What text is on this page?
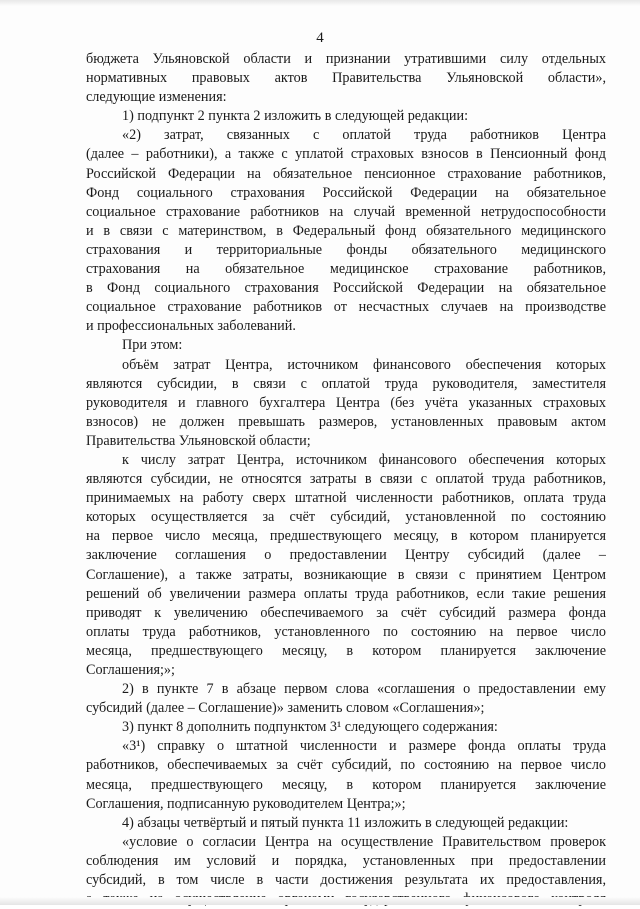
4
бюджета Ульяновской области и признании утратившими силу отдельных
нормативных правовых актов Правительства Ульяновской области»,
следующие изменения:
1) подпункт 2 пункта 2 изложить в следующей редакции:
«2) затрат, связанных с оплатой труда работников Центра
(далее – работники), а также с уплатой страховых взносов в Пенсионный фонд
Российской Федерации на обязательное пенсионное страхование работников,
Фонд социального страхования Российской Федерации на обязательное
социальное страхование работников на случай временной нетрудоспособности
и в связи с материнством, в Федеральный фонд обязательного медицинского
страхования и территориальные фонды обязательного медицинского
страхования на обязательное медицинское страхование работников,
в Фонд социального страхования Российской Федерации на обязательное
социальное страхование работников от несчастных случаев на производстве
и профессиональных заболеваний.
При этом:
объём затрат Центра, источником финансового обеспечения которых
являются субсидии, в связи с оплатой труда руководителя, заместителя
руководителя и главного бухгалтера Центра (без учёта указанных страховых
взносов) не должен превышать размеров, установленных правовым актом
Правительства Ульяновской области;
к числу затрат Центра, источником финансового обеспечения которых
являются субсидии, не относятся затраты в связи с оплатой труда работников,
принимаемых на работу сверх штатной численности работников, оплата труда
которых осуществляется за счёт субсидий, установленной по состоянию
на первое число месяца, предшествующего месяцу, в котором планируется
заключение соглашения о предоставлении Центру субсидий (далее –
Соглашение), а также затраты, возникающие в связи с принятием Центром
решений об увеличении размера оплаты труда работников, если такие решения
приводят к увеличению обеспечиваемого за счёт субсидий размера фонда
оплаты труда работников, установленного по состоянию на первое число
месяца, предшествующего месяцу, в котором планируется заключение
Соглашения;»;
2) в пункте 7 в абзаце первом слова «соглашения о предоставлении ему
субсидий (далее – Соглашение)» заменить словом «Соглашения»;
3) пункт 8 дополнить подпунктом 3¹ следующего содержания:
«3¹) справку о штатной численности и размере фонда оплаты труда
работников, обеспечиваемых за счёт субсидий, по состоянию на первое число
месяца, предшествующего месяцу, в котором планируется заключение
Соглашения, подписанную руководителем Центра;»;
4) абзацы четвёртый и пятый пункта 11 изложить в следующей редакции:
«условие о согласии Центра на осуществление Правительством проверок
соблюдения им условий и порядка, установленных при предоставлении
субсидий, в том числе в части достижения результата их предоставления,
